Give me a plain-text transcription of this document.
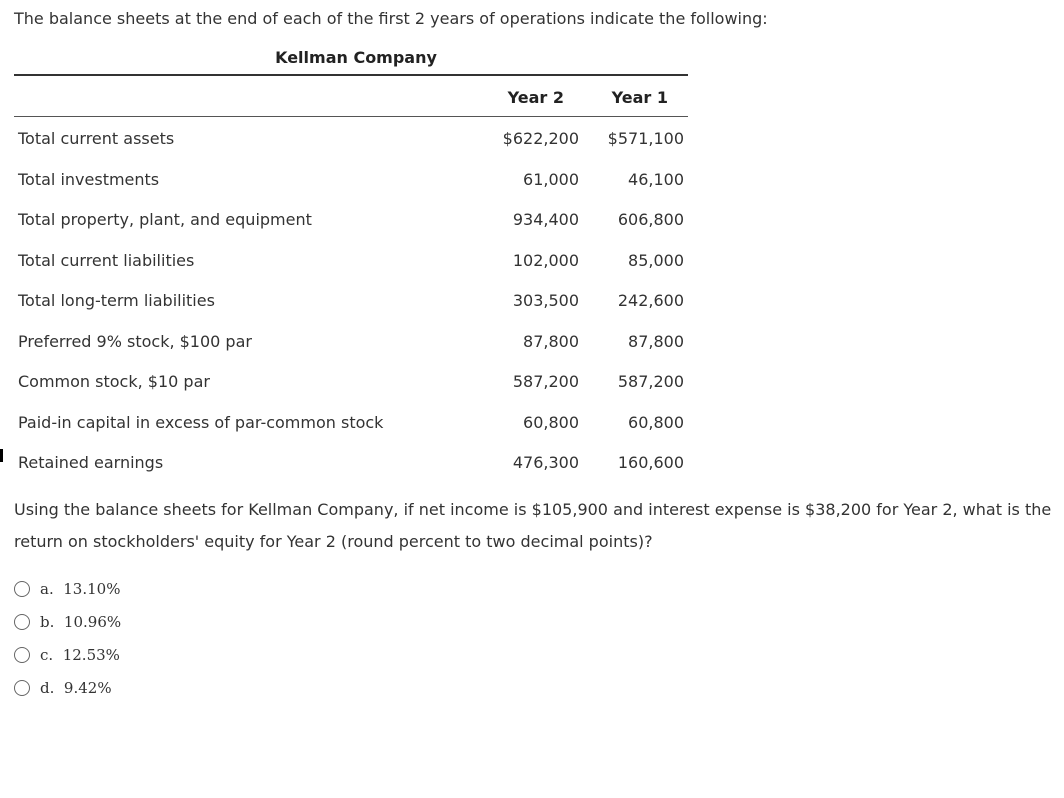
The balance sheets at the end of each of the first 2 years of operations indicate the following:

Kellman Company
Year 2	Year 1
Total current assets	$622,200 $571,100
Total investments	61,000	46,100
Total property, plant, and equipment	934,400 606,800
Total current liabilities	102,000	85,000
Total long-term liabilities	303,500 242,600
Preferred 9% stock, $100 par	87,800	87,800
Common stock, $10 par	587,200 587,200
Paid-in capital in excess of par-common stock	60,800	60,800
Retained earnings	476,300 160,600

Using the balance sheets for Kellman Company, if net income is $105,900 and interest expense is $38,200 for Year 2, what is the return on stockholders' equity for Year 2 (round percent to two decimal points)?

a. 13.10%
b. 10.96%
c. 12.53%
d. 9.42%
